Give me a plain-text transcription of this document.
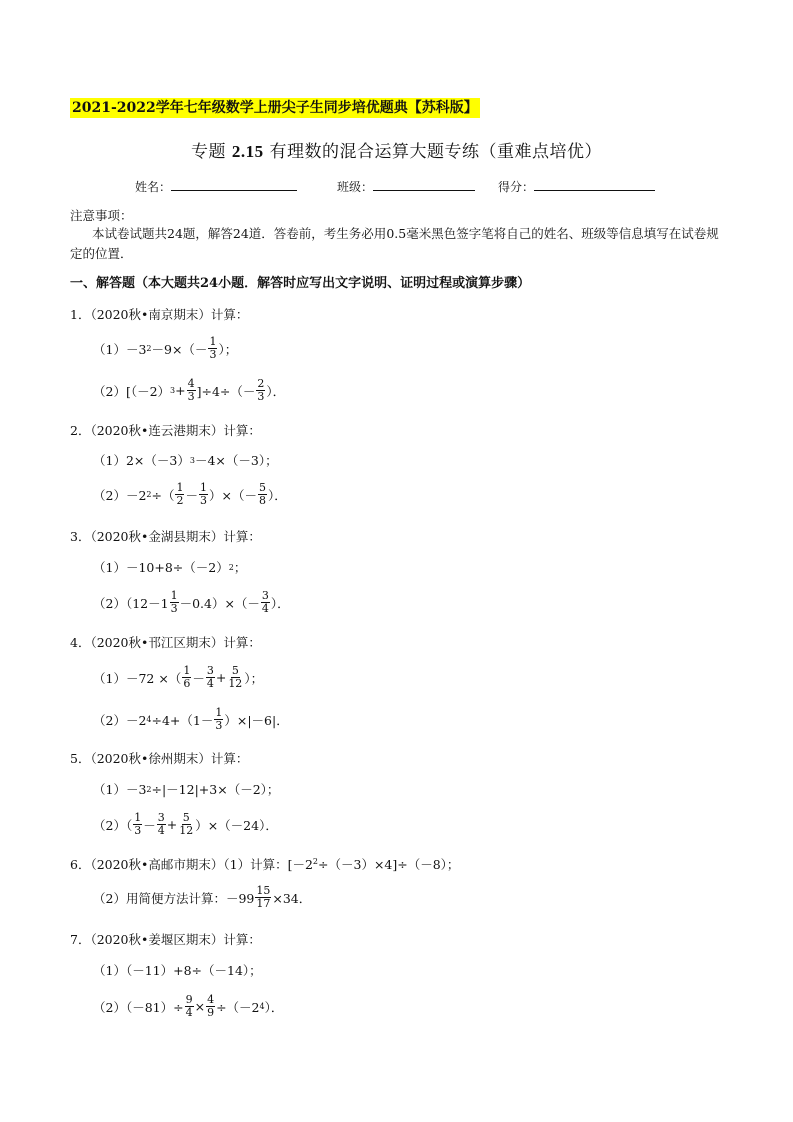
2021-2022学年七年级数学上册尖子生同步培优题典【苏科版】
专题 2.15 有理数的混合运算大题专练（重难点培优）
姓名：	班级：	得分：
注意事项：
本试卷试题共24题，解答24道．答卷前，考生务必用0.5毫米黑色签字笔将自己的姓名、班级等信息填写在试卷规定的位置．
一、解答题（本大题共24小题．解答时应写出文字说明、证明过程或演算步骤）
1．（2020秋•南京期末）计算：
（1）－3 $2 -9\times(- \frac{1}{3}$ ）；
（2）[（－2） $3 + \frac{4}{3} ]\div 4\div(- \frac{2}{3}$ ）．
2．（2020秋•连云港期末）计算：
（1）2×（－3） 3 －4×（－3）；
（2）－2 2 ÷（ $\frac{1}{2} - \frac{1}{3}$ ）×（－ $\frac{5}{8}$ ）．
3．（2020秋•金湖县期末）计算：
（1）－10+8÷（－2） 2 ；
$(2)(12-1 \frac{1}{3} -0.4)\times(- \frac{3}{4}$ ）．
4．（2020秋•邗江区期末）计算：
（1）－72 ×（ $\frac{1}{6} - \frac{3}{4} + \frac{5}{12}$ ）；
（2）－2 $4 \div 4+(1- \frac{1}{3} )\times|-6|$．
5．（2020秋•徐州期末）计算：
（1）－3 2 ÷|－12|+3×（－2）；
$(2)( \frac{1}{3} - \frac{3}{4} + \frac{5}{12} )\times(-24)$．
6．（2020秋•高邮市期末）（1）计算：$[-2^2\div(-3)\times 4]\div(-8)$；
（2）用简便方法计算：$-99 \frac{15}{17} \times 34$．
7．（2020秋•姜堰区期末）计算：
（1）（－11）+8÷（－14）；
$(2)(-81)\div \frac{9}{4} \times \frac{4}{9} \div(-2$ 4 ）．
